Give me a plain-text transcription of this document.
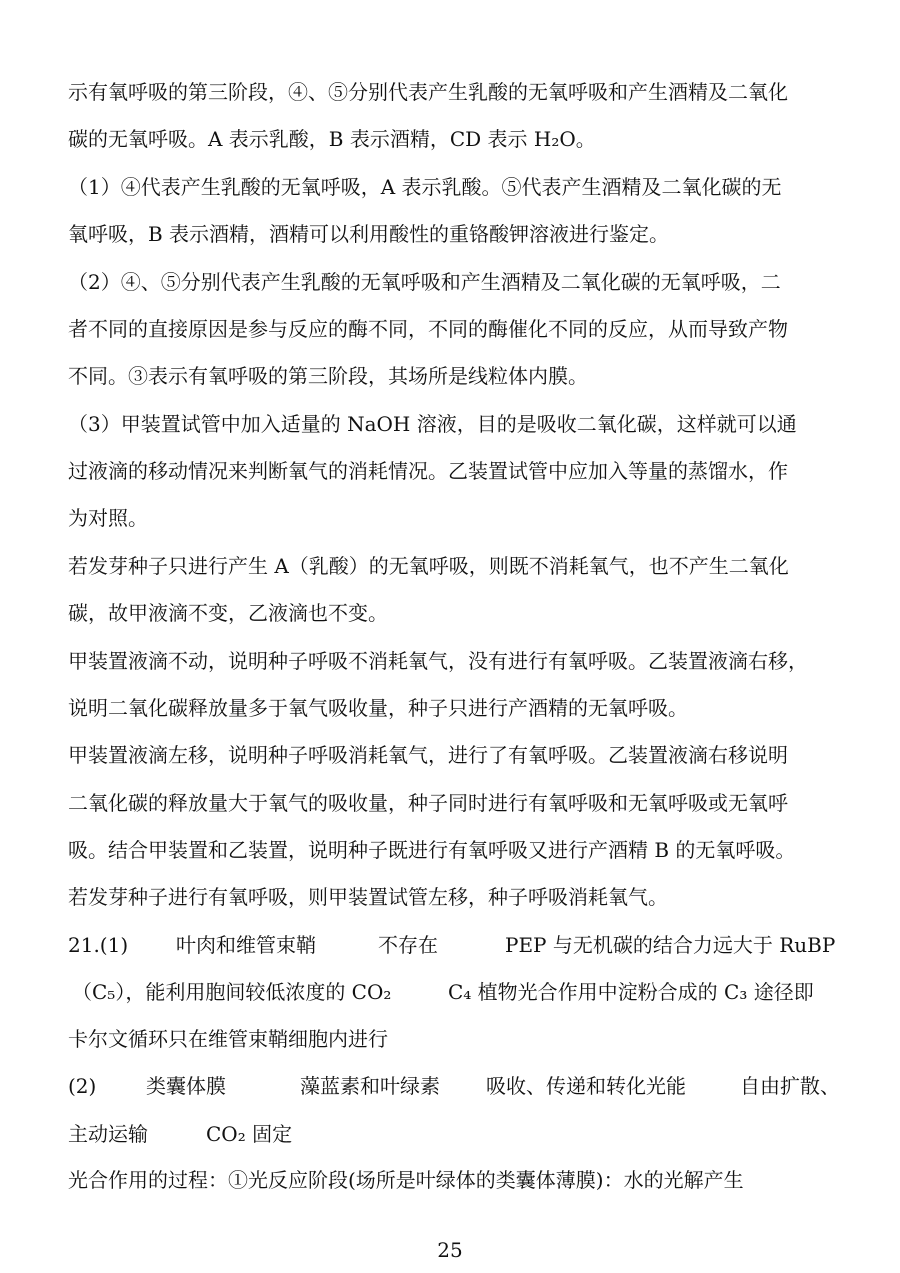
示有氧呼吸的第三阶段，④、⑤分别代表产生乳酸的无氧呼吸和产生酒精及二氧化
碳的无氧呼吸。A 表示乳酸，B 表示酒精，CD 表示 H₂O。
（1）④代表产生乳酸的无氧呼吸，A 表示乳酸。⑤代表产生酒精及二氧化碳的无
氧呼吸，B 表示酒精，酒精可以利用酸性的重铬酸钾溶液进行鉴定。
（2）④、⑤分别代表产生乳酸的无氧呼吸和产生酒精及二氧化碳的无氧呼吸，二
者不同的直接原因是参与反应的酶不同，不同的酶催化不同的反应，从而导致产物
不同。③表示有氧呼吸的第三阶段，其场所是线粒体内膜。
（3）甲装置试管中加入适量的 NaOH 溶液，目的是吸收二氧化碳，这样就可以通
过液滴的移动情况来判断氧气的消耗情况。乙装置试管中应加入等量的蒸馏水，作
为对照。
若发芽种子只进行产生 A（乳酸）的无氧呼吸，则既不消耗氧气，也不产生二氧化
碳，故甲液滴不变，乙液滴也不变。
甲装置液滴不动，说明种子呼吸不消耗氧气，没有进行有氧呼吸。乙装置液滴右移，
说明二氧化碳释放量多于氧气吸收量，种子只进行产酒精的无氧呼吸。
甲装置液滴左移，说明种子呼吸消耗氧气，进行了有氧呼吸。乙装置液滴右移说明
二氧化碳的释放量大于氧气的吸收量，种子同时进行有氧呼吸和无氧呼吸或无氧呼
吸。结合甲装置和乙装置，说明种子既进行有氧呼吸又进行产酒精 B 的无氧呼吸。
若发芽种子进行有氧呼吸，则甲装置试管左移，种子呼吸消耗氧气。
21.(1) 叶肉和维管束鞘	不存在	PEP 与无机碳的结合力远大于 RuBP
（C₅），能利用胞间较低浓度的 CO₂	C₄ 植物光合作用中淀粉合成的 C₃ 途径即
卡尔文循环只在维管束鞘细胞内进行
(2) 类囊体膜	藻蓝素和叶绿素 吸收、传递和转化光能	自由扩散、
主动运输	CO₂ 固定
光合作用的过程：①光反应阶段(场所是叶绿体的类囊体薄膜)：水的光解产生
25
